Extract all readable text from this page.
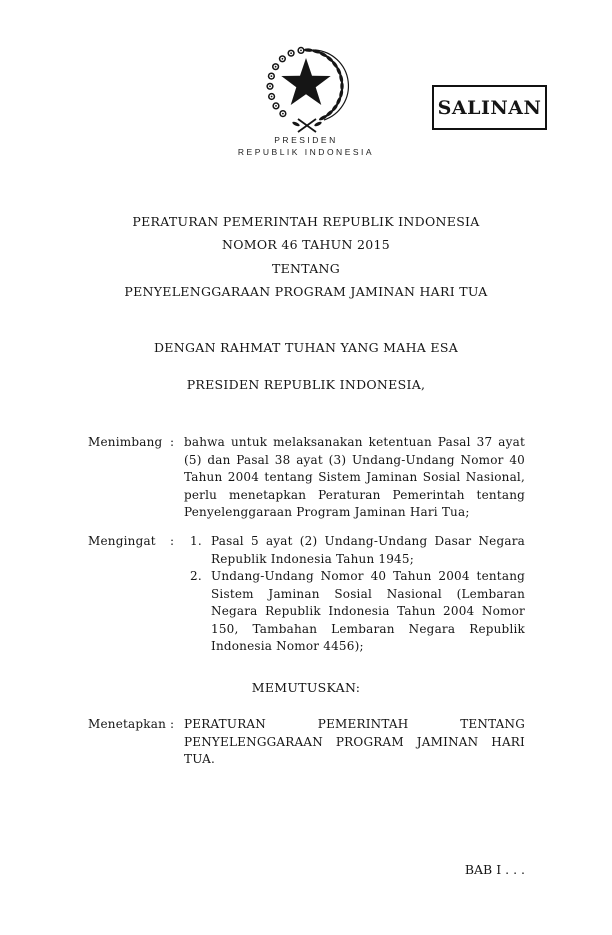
PRESIDEN
REPUBLIK INDONESIA
SALINAN
PERATURAN PEMERINTAH REPUBLIK INDONESIA
NOMOR 46 TAHUN 2015
TENTANG
PENYELENGGARAAN PROGRAM JAMINAN HARI TUA
DENGAN RAHMAT TUHAN YANG MAHA ESA
PRESIDEN REPUBLIK INDONESIA,
Menimbang : bahwa untuk melaksanakan ketentuan Pasal 37 ayat (5) dan Pasal 38 ayat (3) Undang-Undang Nomor 40 Tahun 2004 tentang Sistem Jaminan Sosial Nasional, perlu menetapkan Peraturan Pemerintah tentang Penyelenggaraan Program Jaminan Hari Tua;
Mengingat	:	1. Pasal 5 ayat (2) Undang-Undang Dasar Negara Republik Indonesia Tahun 1945;
2. Undang-Undang Nomor 40 Tahun 2004 tentang Sistem Jaminan Sosial Nasional (Lembaran Negara Republik Indonesia Tahun 2004 Nomor 150, Tambahan Lembaran Negara Republik Indonesia Nomor 4456);
MEMUTUSKAN:
Menetapkan : PERATURAN PEMERINTAH TENTANG PENYELENGGARAAN PROGRAM JAMINAN HARI TUA.
BAB I . . .
